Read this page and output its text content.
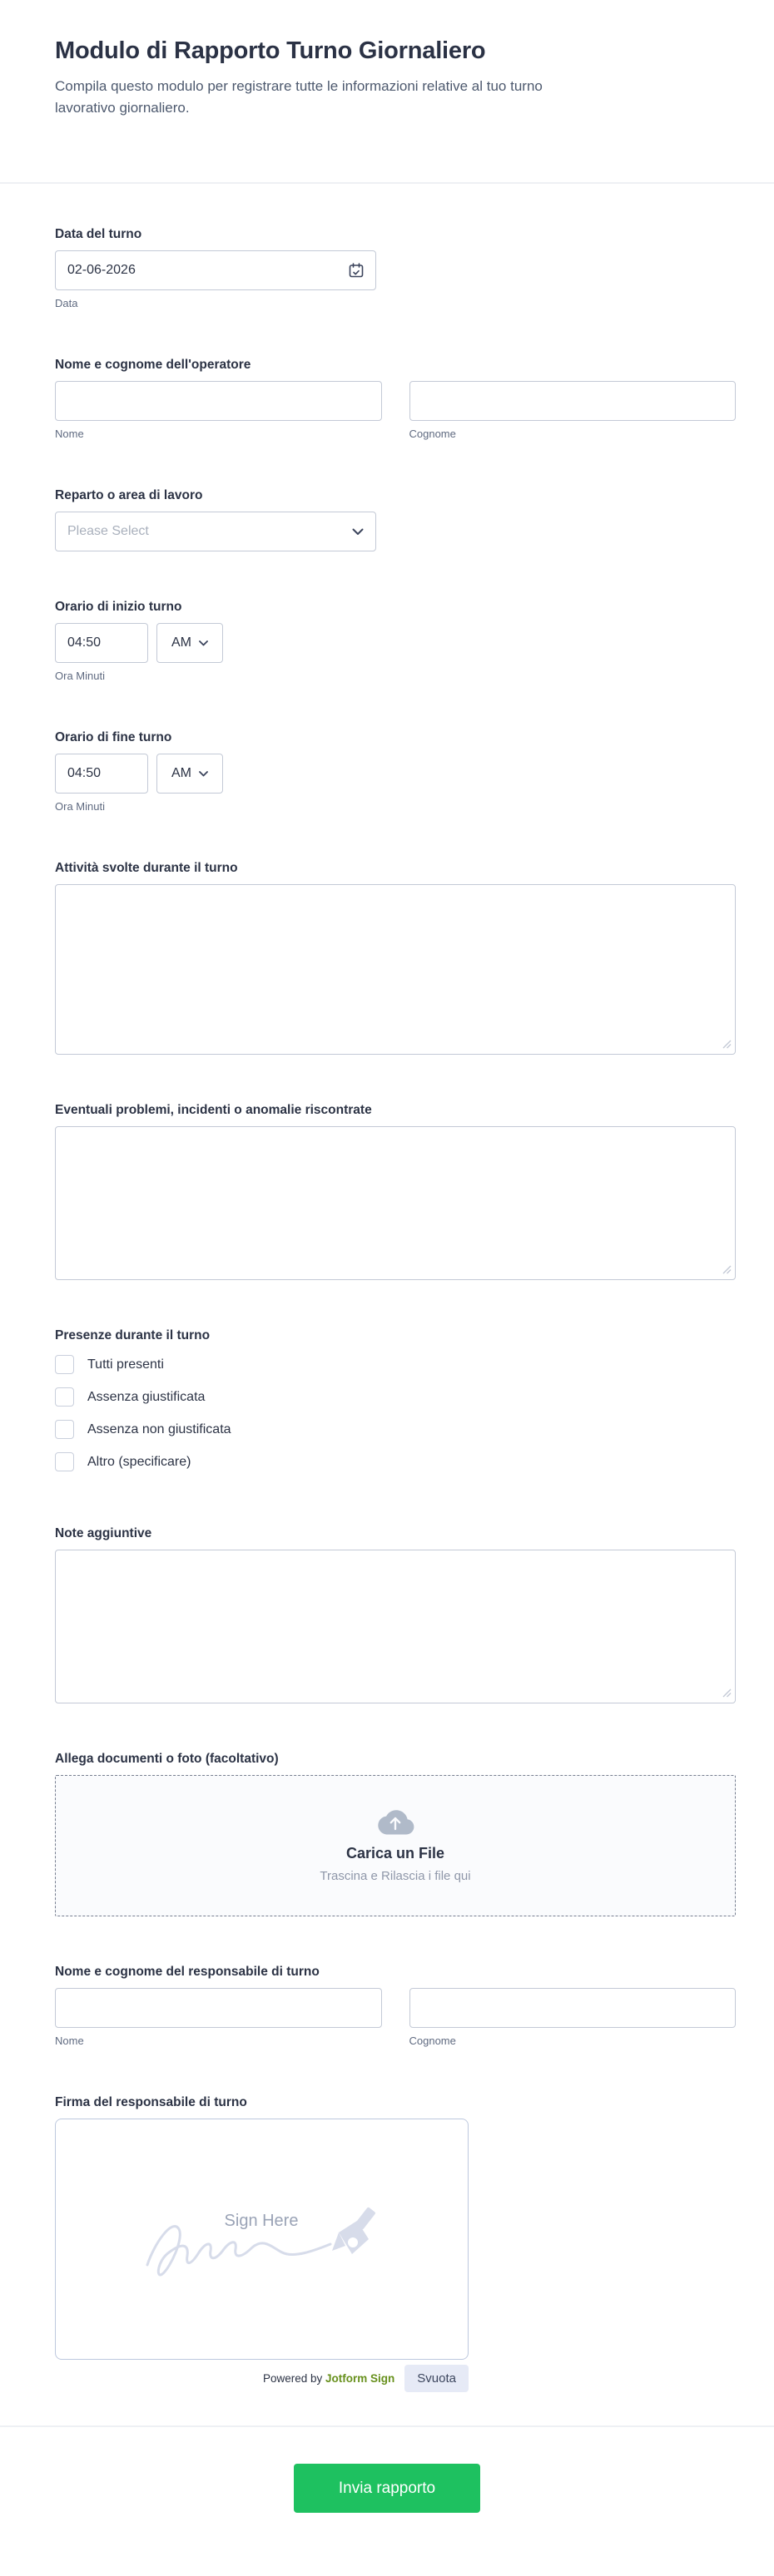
Modulo di Rapporto Turno Giornaliero

Compila questo modulo per registrare tutte le informazioni relative al tuo turno lavorativo giornaliero.

Data del turno
02-06-2026
Data
Nome e cognome dell'operatore
Nome	Cognome
Reparto o area di lavoro
Please Select
Orario di inizio turno
04:50
AM
Ora Minuti
Orario di fine turno
04:50
AM
Ora Minuti
Attività svolte durante il turno
Eventuali problemi, incidenti o anomalie riscontrate
Presenze durante il turno
Tutti presenti
Assenza giustificata
Assenza non giustificata
Altro (specificare)
Note aggiuntive
Allega documenti o foto (facoltativo)
Carica un File
Trascina e Rilascia i file qui
Nome e cognome del responsabile di turno
Nome	Cognome
Firma del responsabile di turno
Sign Here
Powered by Jotform Sign	Svuota
Invia rapporto
